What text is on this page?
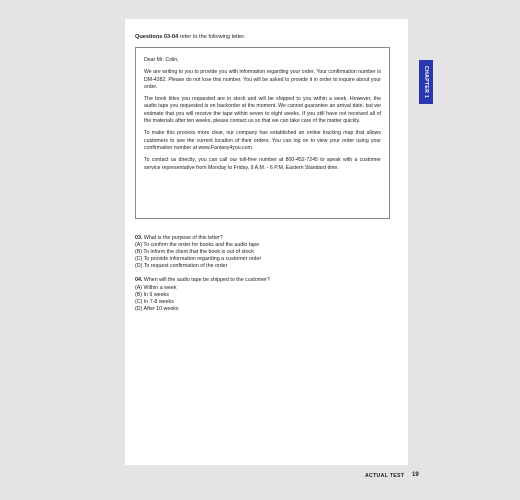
Questions 03-04 refer to the following letter.

Dear Mr. Colin,

We are writing to you to provide you with information regarding your order. Your confirmation number is DM-4382. Please do not lose this number. You will be asked to provide it in order to inquire about your order.

The book titles you requested are in stock and will be shipped to you within a week. However, the audio tape you requested is on backorder at the moment. We cannot guarantee an arrival date, but we estimate that you will receive the tape within seven to eight weeks. If you still have not received all of the materials after ten weeks, please contact us so that we can take care of the matter quickly.

To make this process more clear, our company has established an online tracking map that allows customers to see the current location of their orders. You can log on to view your order using your confirmation number at www.Fantasy4you.com.

To contact us directly, you can call our toll-free number at 800-452-7245 to speak with a customer service representative from Monday to Friday, 9 A.M. - 6 P.M. Eastern Standard time.

03. What is the purpose of this letter?
(A) To confirm the order for books and the audio tape
(B) To inform the client that the book is out of stock
(C) To provide information regarding a customer order
(D) To request confirmation of the order
04. When will the audio tape be shipped to the customer?
(A) Within a week
(B) In 9 weeks
(C) In 7-8 weeks
(D) After 10 weeks
CHAPTER 1
ACTUAL TEST 19
